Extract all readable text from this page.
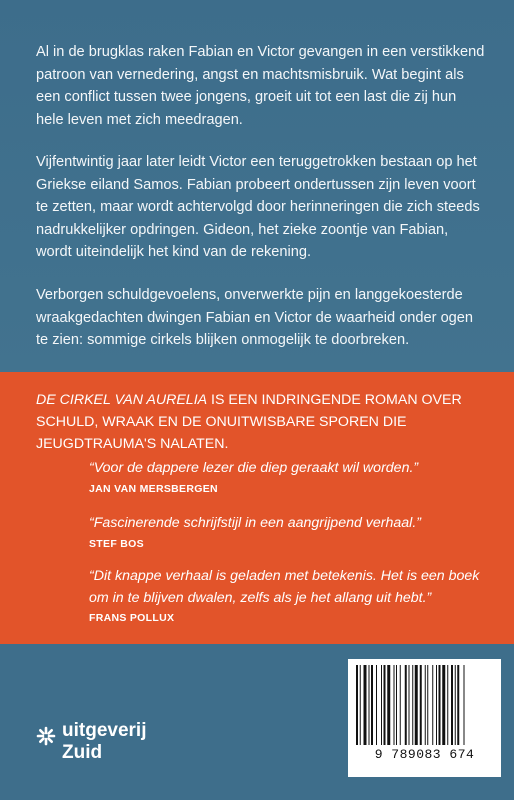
Al in de brugklas raken Fabian en Victor gevangen in een verstikkend patroon van vernedering, angst en machtsmisbruik. Wat begint als een conflict tussen twee jongens, groeit uit tot een last die zij hun hele leven met zich meedragen.

Vijfentwintig jaar later leidt Victor een teruggetrokken bestaan op het Griekse eiland Samos. Fabian probeert ondertussen zijn leven voort te zetten, maar wordt achtervolgd door herinneringen die zich steeds nadrukkelijker opdringen. Gideon, het zieke zoontje van Fabian, wordt uiteindelijk het kind van de rekening.

Verborgen schuldgevoelens, onverwerkte pijn en langgekoesterde wraakgedachten dwingen Fabian en Victor de waarheid onder ogen te zien: sommige cirkels blijken onmogelijk te doorbreken.

DE CIRKEL VAN AURELIA IS EEN INDRINGENDE ROMAN OVER SCHULD, WRAAK EN DE ONUITWISBARE SPOREN DIE JEUGDTRAUMA'S NALATEN.

“Voor de dappere lezer die diep geraakt wil worden.”

JAN VAN MERSBERGEN

“Fascinerende schrijfstijl in een aangrijpend verhaal.”

STEF BOS

“Dit knappe verhaal is geladen met betekenis. Het is een boek om in te blijven dwalen, zelfs als je het allang uit hebt.”

FRANS POLLUX

uitgeverij

Zuid	9 789083 674
